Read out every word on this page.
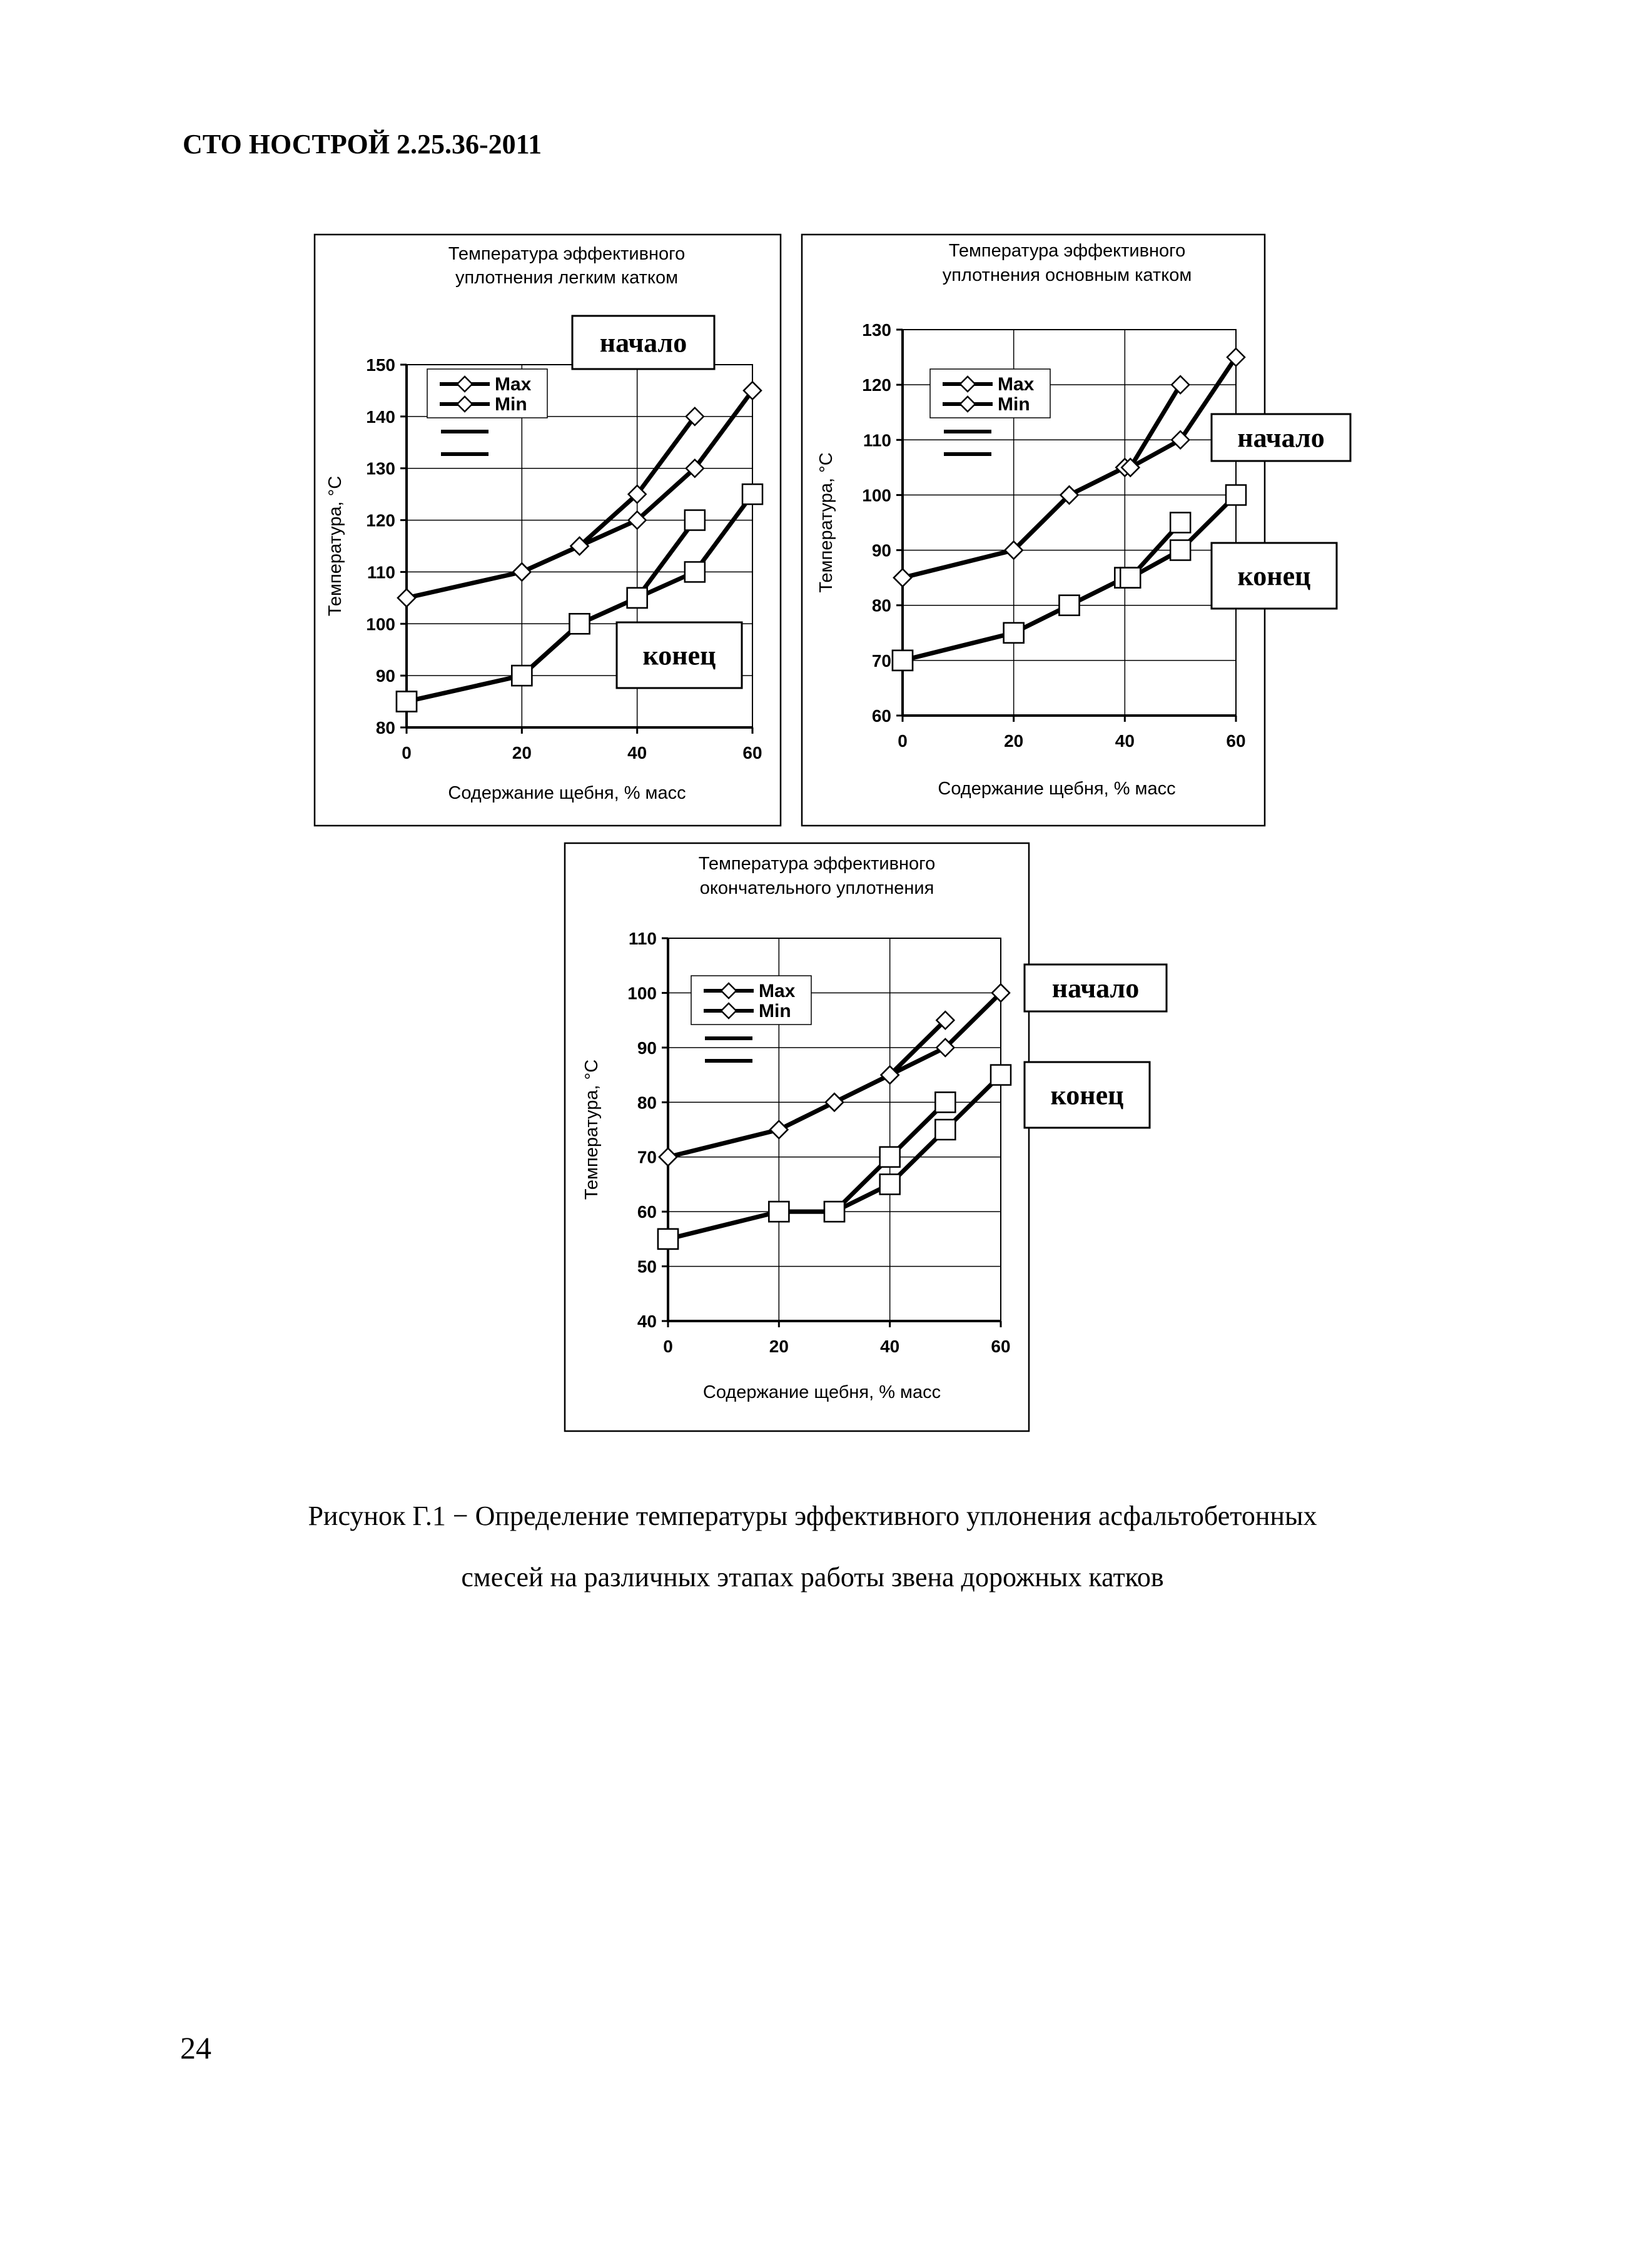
СТО НОСТРОЙ 2.25.36-2011
Температура эффективного
уплотнения легким катком
80
90
100
110
120
130
140
150
0	20	40	60
Содержание щебня, % масс
Температура, °С
Max
Min
начало
конец
Температура эффективного
уплотнения основным катком
60
70
80
90
100
110
120
130
0	20	40	60
Содержание щебня, % масс
Температура, °С
Max
Min
начало
конец
Температура эффективного
окончательного уплотнения
40
50
60
70
80
90
100
110
0	20	40	60
Содержание щебня, % масс
Температура, °С
Max
Min
начало
конец
Рисунок Г.1 − Определение температуры эффективного уплонения асфальтобетонных
смесей на различных этапах работы звена дорожных катков
24
